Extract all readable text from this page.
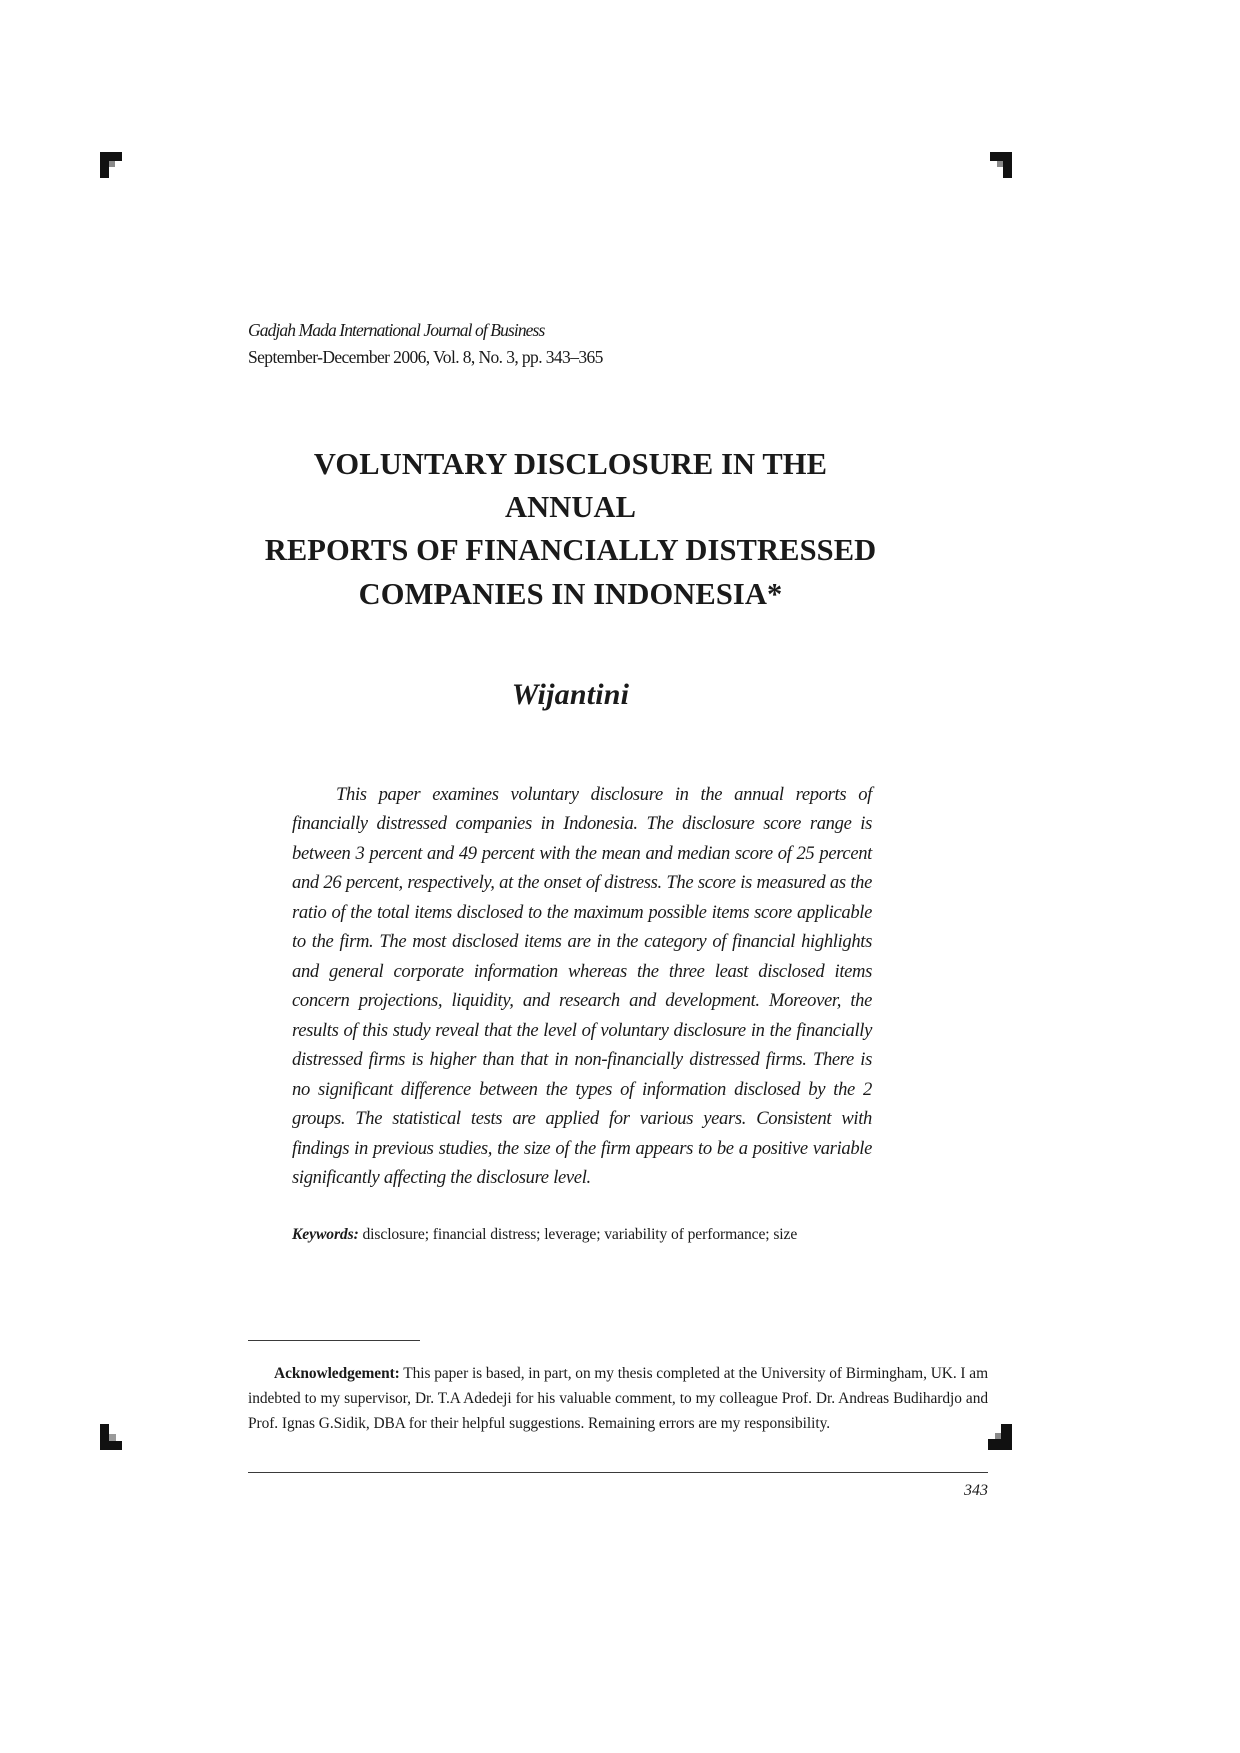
Gadjah Mada International Journal of Business
September-December 2006, Vol. 8, No. 3, pp. 343–365
VOLUNTARY DISCLOSURE IN THE ANNUAL
REPORTS OF FINANCIALLY DISTRESSED
COMPANIES IN INDONESIA*
Wijantini
This paper examines voluntary disclosure in the annual reports of financially distressed companies in Indonesia. The disclosure score range is between 3 percent and 49 percent with the mean and median score of 25 percent and 26 percent, respectively, at the onset of distress. The score is measured as the ratio of the total items disclosed to the maximum possible items score applicable to the firm. The most disclosed items are in the category of financial highlights and general corporate information whereas the three least disclosed items concern projections, liquidity, and research and development. Moreover, the results of this study reveal that the level of voluntary disclosure in the financially distressed firms is higher than that in non-financially distressed firms. There is no significant difference between the types of information disclosed by the 2 groups. The statistical tests are applied for various years. Consistent with findings in previous studies, the size of the firm appears to be a positive variable significantly affecting the disclosure level.
Keywords: disclosure; financial distress; leverage; variability of performance; size
Acknowledgement: This paper is based, in part, on my thesis completed at the University of Birmingham, UK. I am indebted to my supervisor, Dr. T.A Adedeji for his valuable comment, to my colleague Prof. Dr. Andreas Budihardjo and Prof. Ignas G.Sidik, DBA for their helpful suggestions. Remaining errors are my responsibility.
343
